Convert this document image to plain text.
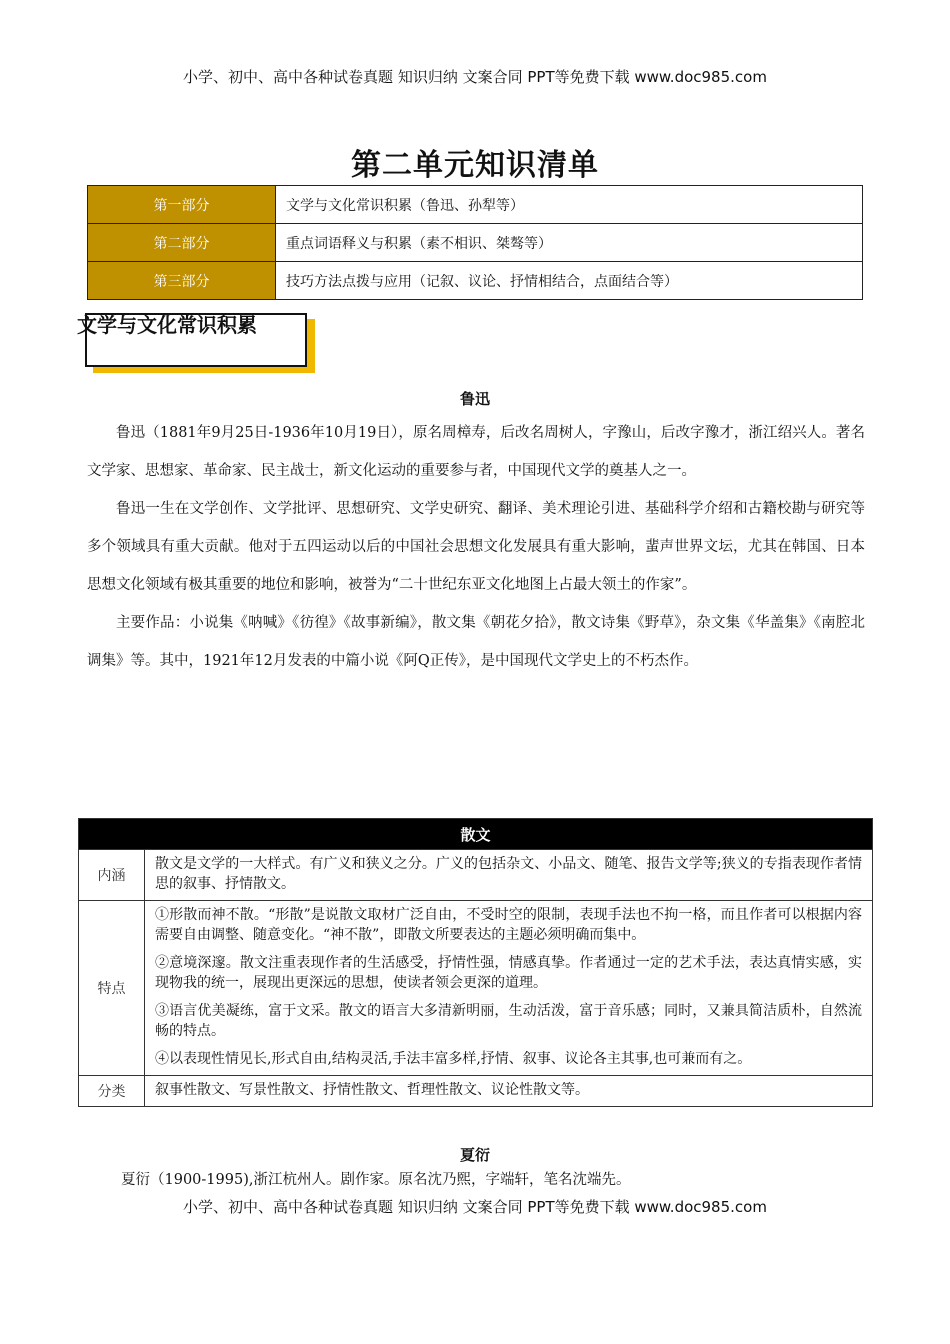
小学、初中、高中各种试卷真题 知识归纳 文案合同 PPT等免费下载 www.doc985.com
第二单元知识清单
第一部分	文学与文化常识积累（鲁迅、孙犁等）
第二部分	重点词语释义与积累（素不相识、桀骜等）
第三部分	技巧方法点拨与应用（记叙、议论、抒情相结合，点面结合等）
文学与文化常识积累
鲁迅

鲁迅（1881年9月25日-1936年10月19日），原名周樟寿，后改名周树人，字豫山，后改字豫才，浙江绍兴人。著名文学家、思想家、革命家、民主战士，新文化运动的重要参与者，中国现代文学的奠基人之一。

鲁迅一生在文学创作、文学批评、思想研究、文学史研究、翻译、美术理论引进、基础科学介绍和古籍校勘与研究等多个领域具有重大贡献。他对于五四运动以后的中国社会思想文化发展具有重大影响，蜚声世界文坛，尤其在韩国、日本思想文化领域有极其重要的地位和影响，被誉为“二十世纪东亚文化地图上占最大领土的作家”。

主要作品：小说集《呐喊》《彷徨》《故事新编》，散文集《朝花夕拾》，散文诗集《野草》，杂文集《华盖集》《南腔北调集》等。其中，1921年12月发表的中篇小说《阿Q正传》，是中国现代文学史上的不朽杰作。

散文	
内涵	散文是文学的一大样式。有广义和狭义之分。广义的包括杂文、小品文、随笔、报告文学等;狭义的专指表现作者情思的叙事、抒情散文。

特点	①形散而神不散。“形散”是说散文取材广泛自由，不受时空的限制，表现手法也不拘一格，而且作者可以根据内容需要自由调整、随意变化。“神不散”，即散文所要表达的主题必须明确而集中。

②意境深邃。散文注重表现作者的生活感受，抒情性强，情感真挚。作者通过一定的艺术手法，表达真情实感，实现物我的统一，展现出更深远的思想，使读者领会更深的道理。

③语言优美凝练，富于文采。散文的语言大多清新明丽，生动活泼，富于音乐感；同时，又兼具简洁质朴，自然流畅的特点。

④以表现性情见长,形式自由,结构灵活,手法丰富多样,抒情、叙事、议论各主其事,也可兼而有之。

分类	叙事性散文、写景性散文、抒情性散文、哲理性散文、议论性散文等。

夏衍

夏衍（1900-1995),浙江杭州人。剧作家。原名沈乃熙，字端轩，笔名沈端先。

小学、初中、高中各种试卷真题 知识归纳 文案合同 PPT等免费下载 www.doc985.com
